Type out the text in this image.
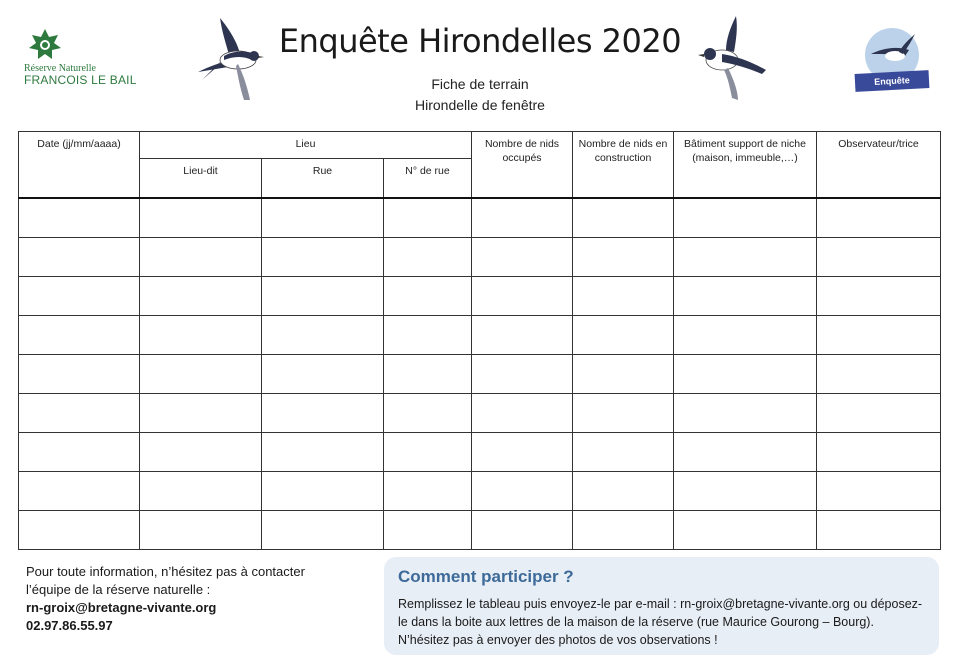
Réserve Naturelle
FRANCOIS LE BAIL
Enquête Hirondelles 2020
Fiche de terrain
Hirondelle de fenêtre
Enquête Hirondelles
Date (jj/mm/aaaa)	Lieu			Nombre de nids occupés	Nombre de nids en construction	Bâtiment support de niche (maison, immeuble,…)	Observateur/trice
	Lieu-dit	Rue	N° de rue				

Pour toute information, n’hésitez pas à contacter
l’équipe de la réserve naturelle :
rn-groix@bretagne-vivante.org
02.97.86.55.97
Comment participer ?
Remplissez le tableau puis envoyez-le par e-mail : rn-groix@bretagne-vivante.org ou déposez-le dans la boite aux lettres de la maison de la réserve (rue Maurice Gourong – Bourg). N’hésitez pas à envoyer des photos de vos observations !
